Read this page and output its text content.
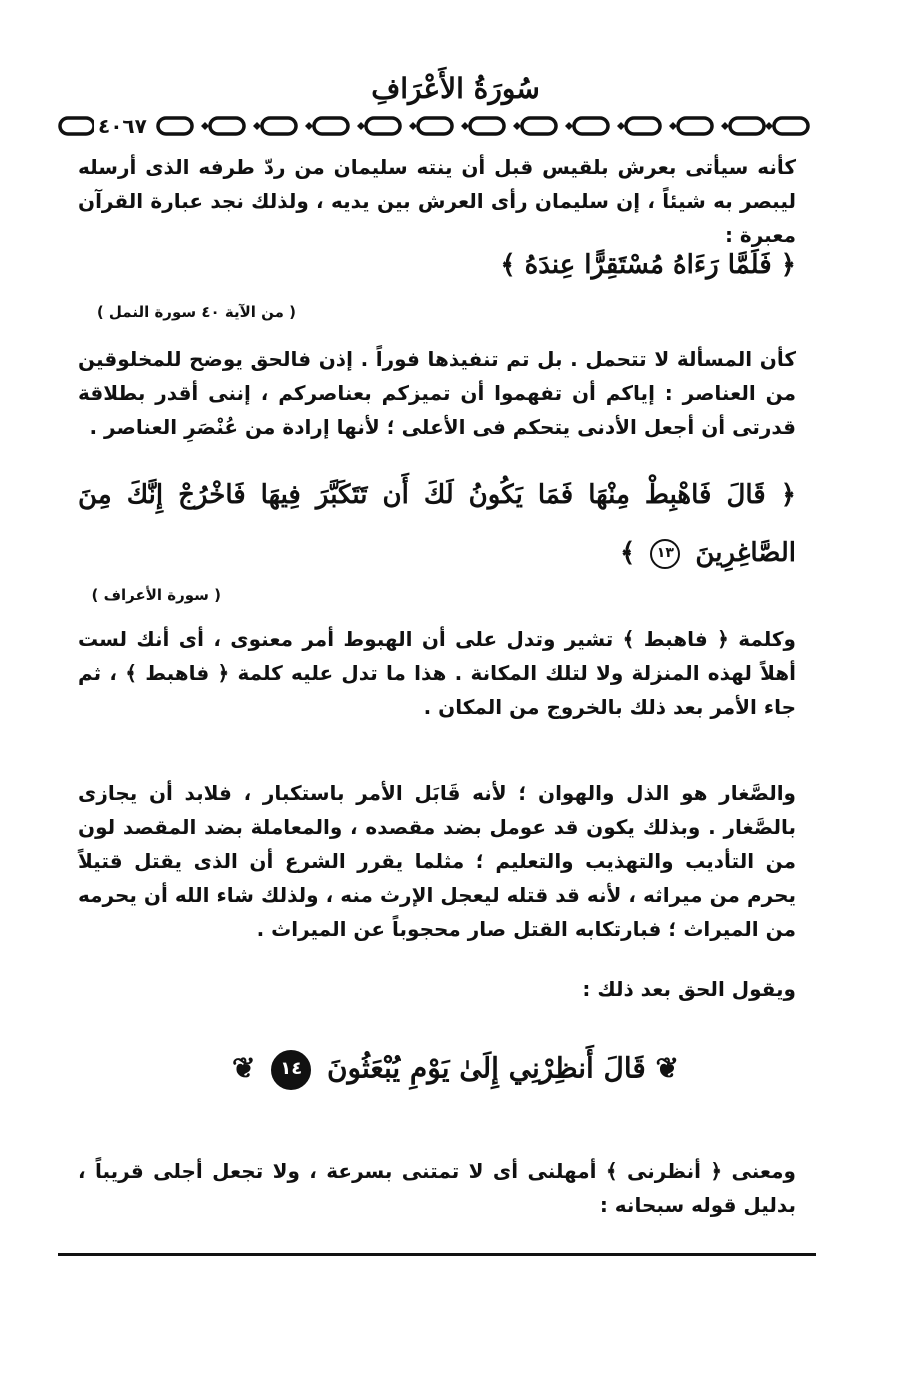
سُورَةُ الأَعْرَافِ
٤٠٦٧
كأنه سيأتى بعرش بلقيس قبل أن ينته سليمان من ردّ طرفه الذى أرسله ليبصر به شيئاً ، إن سليمان رأى العرش بين يديه ، ولذلك نجد عبارة القرآن معبرة :
﴿ فَلَمَّا رَءَاهُ مُسْتَقِرًّا عِندَهُ ﴾
( من الآية ٤٠ سورة النمل )
كأن المسألة لا تتحمل . بل تم تنفيذها فوراً . إذن فالحق يوضح للمخلوقين من العناصر : إياكم أن تفهموا أن تميزكم بعناصركم ، إننى أقدر بطلاقة قدرتى أن أجعل الأدنى يتحكم فى الأعلى ؛ لأنها إرادة من عُنْصَرِ العناصر .
﴿ قَالَ فَاهْبِطْ مِنْهَا فَمَا يَكُونُ لَكَ أَن تَتَكَبَّرَ فِيهَا فَاخْرُجْ إِنَّكَ مِنَ
الصَّاغِرِينَ ١٣ ﴾
( سورة الأعراف )
وكلمة ﴿ فاهبط ﴾ تشير وتدل على أن الهبوط أمر معنوى ، أى أنك لست أهلاً لهذه المنزلة ولا لتلك المكانة . هذا ما تدل عليه كلمة ﴿ فاهبط ﴾ ، ثم جاء الأمر بعد ذلك بالخروج من المكان .
والصَّغار هو الذل والهوان ؛ لأنه قَابَل الأمر باستكبار ، فلابد أن يجازى بالصَّغار . وبذلك يكون قد عومل بضد مقصده ، والمعاملة بضد المقصد لون من التأديب والتهذيب والتعليم ؛ مثلما يقرر الشرع أن الذى يقتل قتيلاً يحرم من ميراثه ، لأنه قد قتله ليعجل الإرث منه ، ولذلك شاء الله أن يحرمه من الميراث ؛ فبارتكابه القتل صار محجوباً عن الميراث .
ويقول الحق بعد ذلك :
❦ قَالَ أَنظِرْنِي إِلَىٰ يَوْمِ يُبْعَثُونَ ١٤ ❦
ومعنى ﴿ أنظرنى ﴾ أمهلنى أى لا تمتنى بسرعة ، ولا تجعل أجلى قريباً ، بدليل قوله سبحانه :
